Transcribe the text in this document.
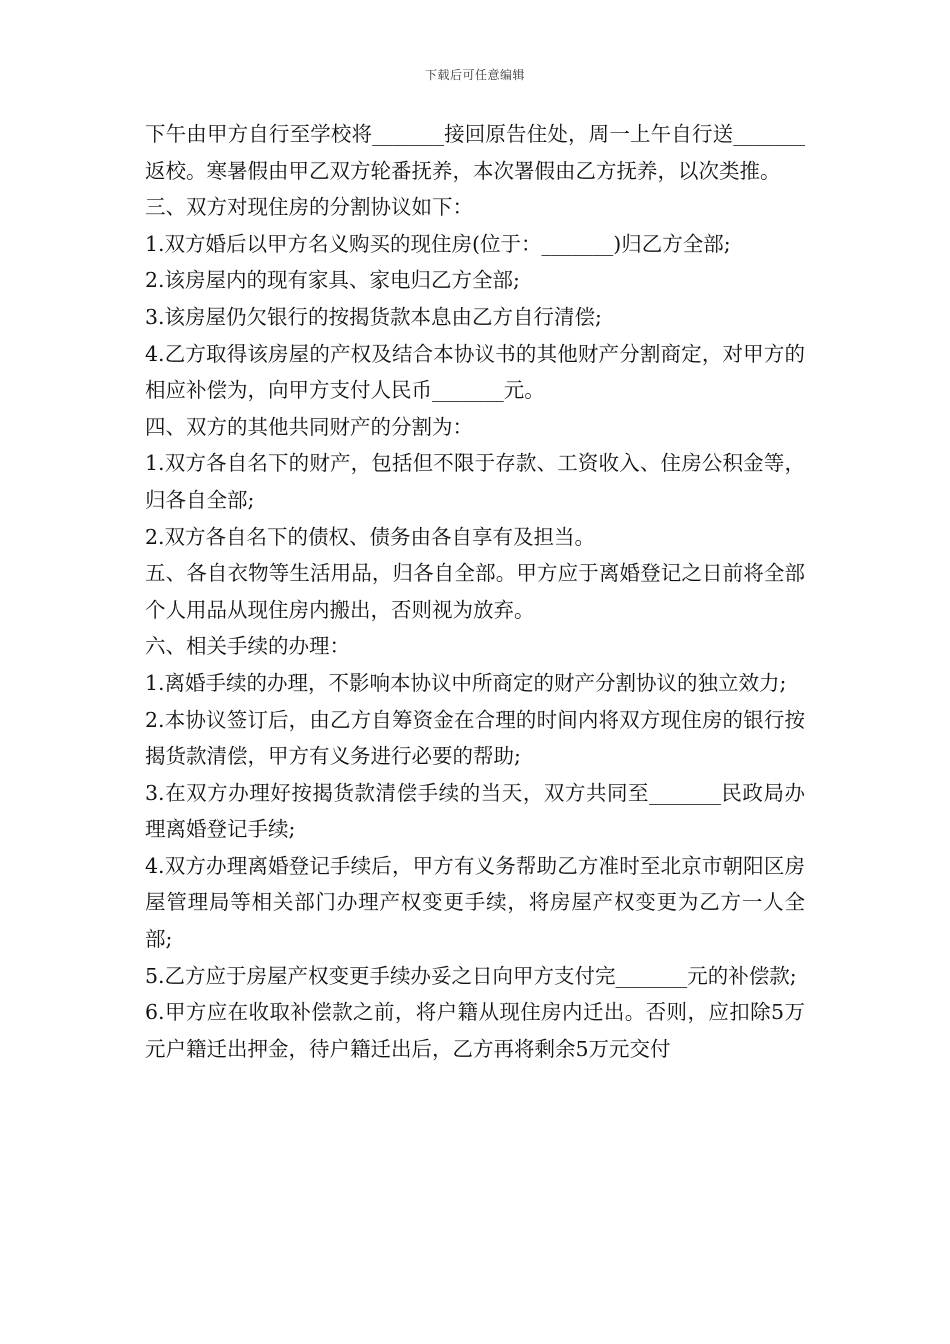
下载后可任意编辑

下午由甲方自行至学校将_______接回原告住处，周一上午自行送_______返校。寒暑假由甲乙双方轮番抚养，本次署假由乙方抚养，以次类推。

三、双方对现住房的分割协议如下：

1.双方婚后以甲方名义购买的现住房(位于：_______)归乙方全部;

2.该房屋内的现有家具、家电归乙方全部;

3.该房屋仍欠银行的按揭货款本息由乙方自行清偿;

4.乙方取得该房屋的产权及结合本协议书的其他财产分割商定，对甲方的相应补偿为，向甲方支付人民币_______元。

四、双方的其他共同财产的分割为：

1.双方各自名下的财产，包括但不限于存款、工资收入、住房公积金等，归各自全部;

2.双方各自名下的债权、债务由各自享有及担当。

五、各自衣物等生活用品，归各自全部。甲方应于离婚登记之日前将全部个人用品从现住房内搬出，否则视为放弃。

六、相关手续的办理：

1.离婚手续的办理，不影响本协议中所商定的财产分割协议的独立效力;

2.本协议签订后，由乙方自筹资金在合理的时间内将双方现住房的银行按揭货款清偿，甲方有义务进行必要的帮助;

3.在双方办理好按揭货款清偿手续的当天，双方共同至_______民政局办理离婚登记手续;

4.双方办理离婚登记手续后，甲方有义务帮助乙方准时至北京市朝阳区房屋管理局等相关部门办理产权变更手续，将房屋产权变更为乙方一人全部;

5.乙方应于房屋产权变更手续办妥之日向甲方支付完_______元的补偿款;

6.甲方应在收取补偿款之前，将户籍从现住房内迁出。否则，应扣除5万元户籍迁出押金，待户籍迁出后，乙方再将剩余5万元交付
